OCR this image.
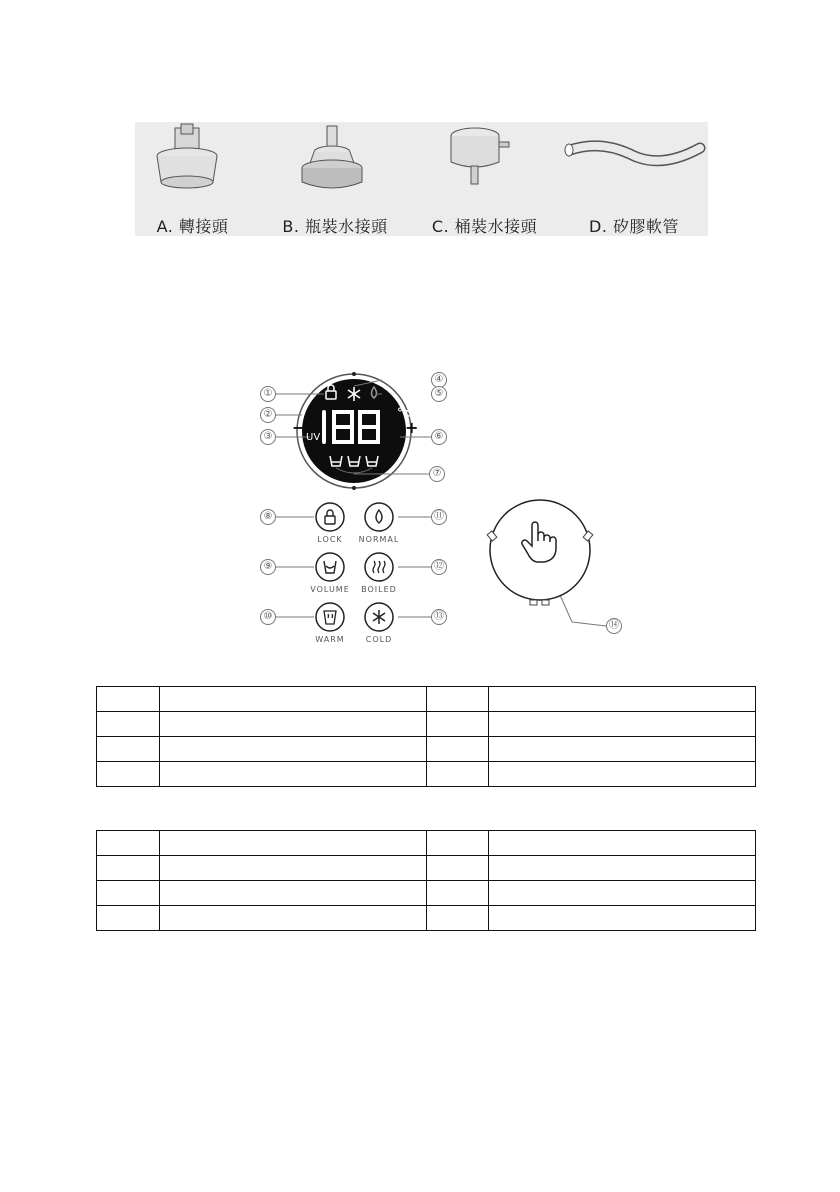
A. 轉接頭	B. 瓶裝水接頭	C. 桶裝水接頭	D. 矽膠軟管
°c
UV
−	+
①
②
③
④
⑤
⑥
⑦
⑧
⑨
⑩
⑪
⑫
⑬
⑭
LOCK	NORMAL
VOLUME	BOILED
WARM	COLD
